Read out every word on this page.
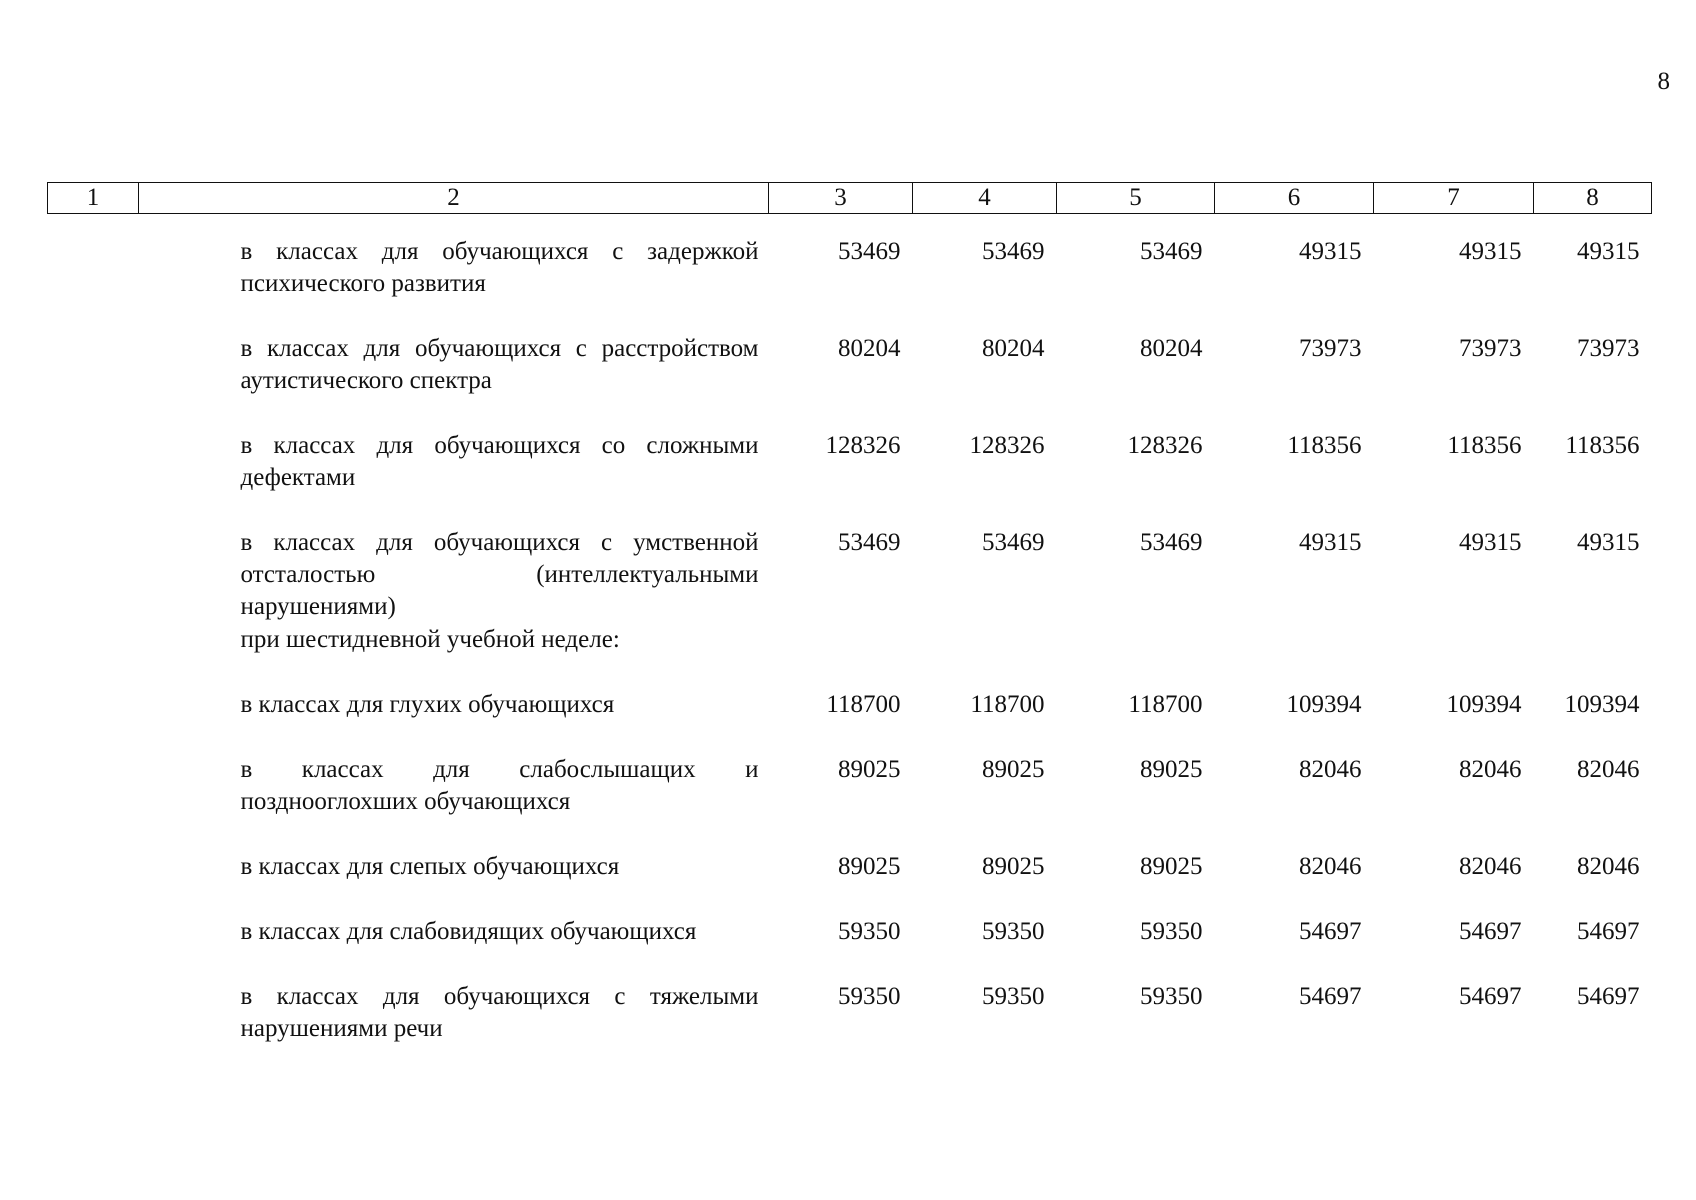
8
1	2	3	4	5	6	7	8
	в классах для обучающихся с задержкой психического развития	53469	53469	53469	49315	49315	49315
	в классах для обучающихся с расстройством аутистического спектра	80204	80204	80204	73973	73973	73973
	в классах для обучающихся со сложными дефектами	128326	128326	128326	118356	118356	118356
	в классах для обучающихся с умственной отсталостью (интеллектуальными нарушениями)	53469	53469	53469	49315	49315	49315
	при шестидневной учебной неделе:						
	в классах для глухих обучающихся	118700	118700	118700	109394	109394	109394
	в классах для слабослышащих и позднооглохших обучающихся	89025	89025	89025	82046	82046	82046
	в классах для слепых обучающихся	89025	89025	89025	82046	82046	82046
	в классах для слабовидящих обучающихся	59350	59350	59350	54697	54697	54697
	в классах для обучающихся с тяжелыми нарушениями речи	59350	59350	59350	54697	54697	54697
